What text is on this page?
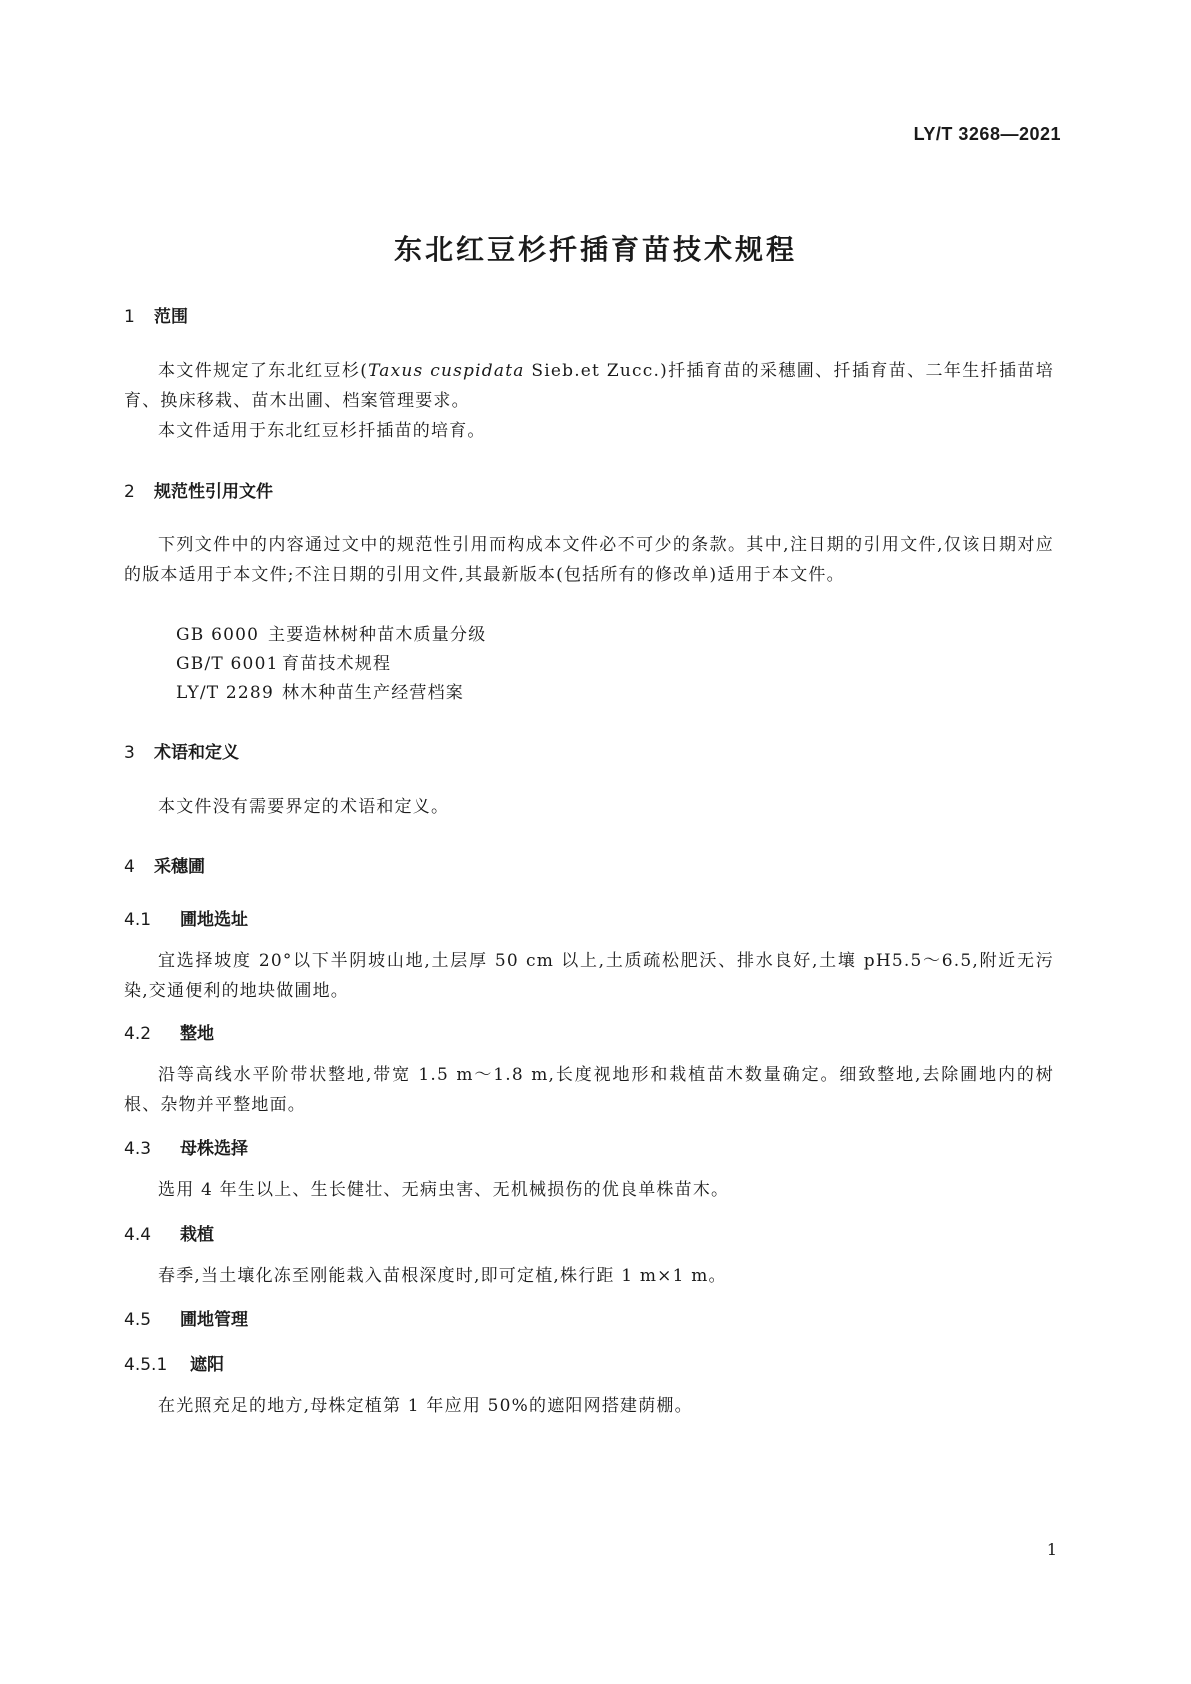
LY/T 3268—2021
东北红豆杉扦插育苗技术规程
1 范围
本文件规定了东北红豆杉(Taxus cuspidata Sieb.et Zucc.)扦插育苗的采穗圃、扦插育苗、二年生扦插苗培育、换床移栽、苗木出圃、档案管理要求。
本文件适用于东北红豆杉扦插苗的培育。
2 规范性引用文件
下列文件中的内容通过文中的规范性引用而构成本文件必不可少的条款。其中,注日期的引用文件,仅该日期对应的版本适用于本文件;不注日期的引用文件,其最新版本(包括所有的修改单)适用于本文件。
GB 6000 主要造林树种苗木质量分级
GB/T 6001 育苗技术规程
LY/T 2289 林木种苗生产经营档案
3 术语和定义
本文件没有需要界定的术语和定义。
4 采穗圃
4.1 圃地选址
宜选择坡度 20°以下半阴坡山地,土层厚 50 cm 以上,土质疏松肥沃、排水良好,土壤 pH5.5～6.5,附近无污染,交通便利的地块做圃地。
4.2 整地
沿等高线水平阶带状整地,带宽 1.5 m～1.8 m,长度视地形和栽植苗木数量确定。细致整地,去除圃地内的树根、杂物并平整地面。
4.3 母株选择
选用 4 年生以上、生长健壮、无病虫害、无机械损伤的优良单株苗木。
4.4 栽植
春季,当土壤化冻至刚能栽入苗根深度时,即可定植,株行距 1 m×1 m。
4.5 圃地管理
4.5.1 遮阳
在光照充足的地方,母株定植第 1 年应用 50%的遮阳网搭建荫棚。
1
